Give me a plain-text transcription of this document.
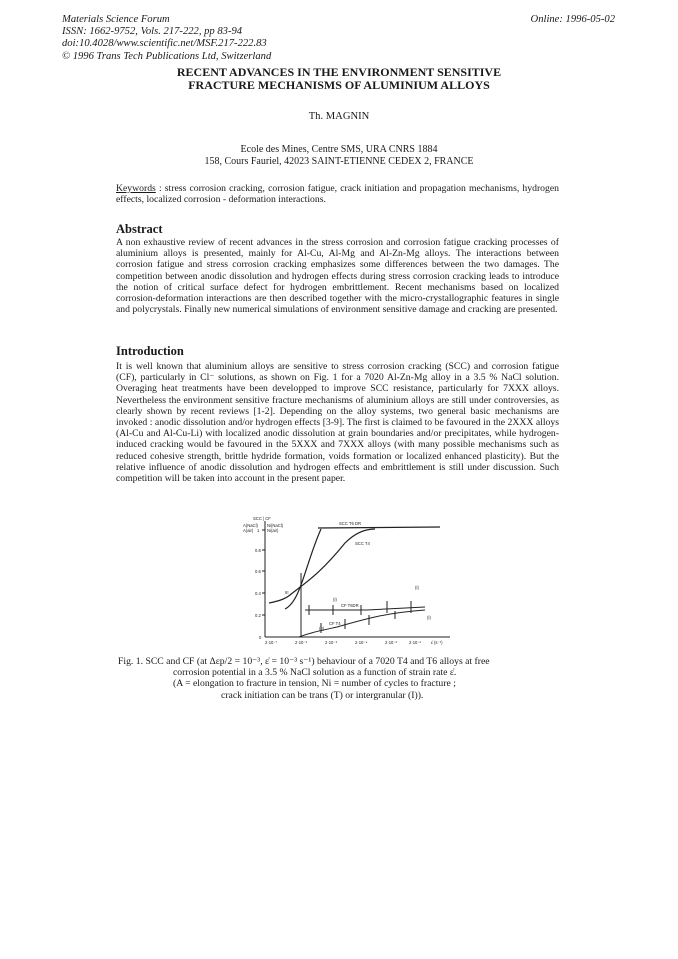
Materials Science Forum
ISSN: 1662-9752, Vols. 217-222, pp 83-94
doi:10.4028/www.scientific.net/MSF.217-222.83
© 1996 Trans Tech Publications Ltd, Switzerland
Online: 1996-05-02
RECENT ADVANCES IN THE ENVIRONMENT SENSITIVE
FRACTURE MECHANISMS OF ALUMINIUM ALLOYS
Th. MAGNIN
Ecole des Mines, Centre SMS, URA CNRS 1884
158, Cours Fauriel, 42023 SAINT-ETIENNE CEDEX 2, FRANCE
Keywords : stress corrosion cracking, corrosion fatigue, crack initiation and propagation mechanisms, hydrogen effects, localized corrosion - deformation interactions.
Abstract
A non exhaustive review of recent advances in the stress corrosion and corrosion fatigue cracking processes of aluminium alloys is presented, mainly for Al-Cu, Al-Mg and Al-Zn-Mg alloys. The interactions between corrosion fatigue and stress corrosion cracking emphasizes some differences between the two damages. The competition between anodic dissolution and hydrogen effects during stress corrosion cracking leads to introduce the notion of critical surface defect for hydrogen embrittlement. Recent mechanisms based on localized corrosion-deformation interactions are then described together with the micro-crystallographic features in single and polycrystals. Finally new numerical simulations of environment sensitive damage and cracking are presented.
Introduction
It is well known that aluminium alloys are sensitive to stress corrosion cracking (SCC) and corrosion fatigue (CF), particularly in Cl⁻ solutions, as shown on Fig. 1 for a 7020 Al-Zn-Mg alloy in a 3.5 % NaCl solution. Overaging heat treatments have been developped to improve SCC resistance, particularly for 7XXX alloys. Nevertheless the environment sensitive fracture mechanisms of aluminium alloys are still under controversies, as clearly shown by recent reviews [1-2]. Depending on the alloy systems, two general basic mechanisms are invoked : anodic dissolution and/or hydrogen effects [3-9]. The first is claimed to be favoured in the 2XXX alloys (Al-Cu and Al-Cu-Li) with localized anodic dissolution at grain boundaries and/or precipitates, while hydrogen-induced cracking would be favoured in the 5XXX and 7XXX alloys (with many possible mechanisms such as reduced cohesive strength, brittle hydride formation, voids formation or localized enhanced plasticity). But the relative influence of anodic dissolution and hydrogen effects and embrittlement is still under discussion. Such competition will be taken into account in the present paper.
SCC | CF
A(NaCl)
A(air)
Ni(NaCl)
Ni(air)
SCC T6 DR
SCC T4
CF T6DR
CF T4
III
(I)
(I)
(II)
(I)
1
0.8
0.6
0.4
0.2
0
2·10⁻⁷	2·10⁻⁶	2·10⁻⁵	2·10⁻⁴	2·10⁻³	2·10⁻² ε̇ (s⁻¹)
Fig. 1. SCC and CF (at Δεp/2 = 10⁻³, ε̇ = 10⁻³ s⁻¹) behaviour of a 7020 T4 and T6 alloys at free
corrosion potential in a 3.5 % NaCl solution as a function of strain rate ε̇.
(A = elongation to fracture in tension, Ni = number of cycles to fracture ;
crack initiation can be trans (T) or intergranular (I)).
